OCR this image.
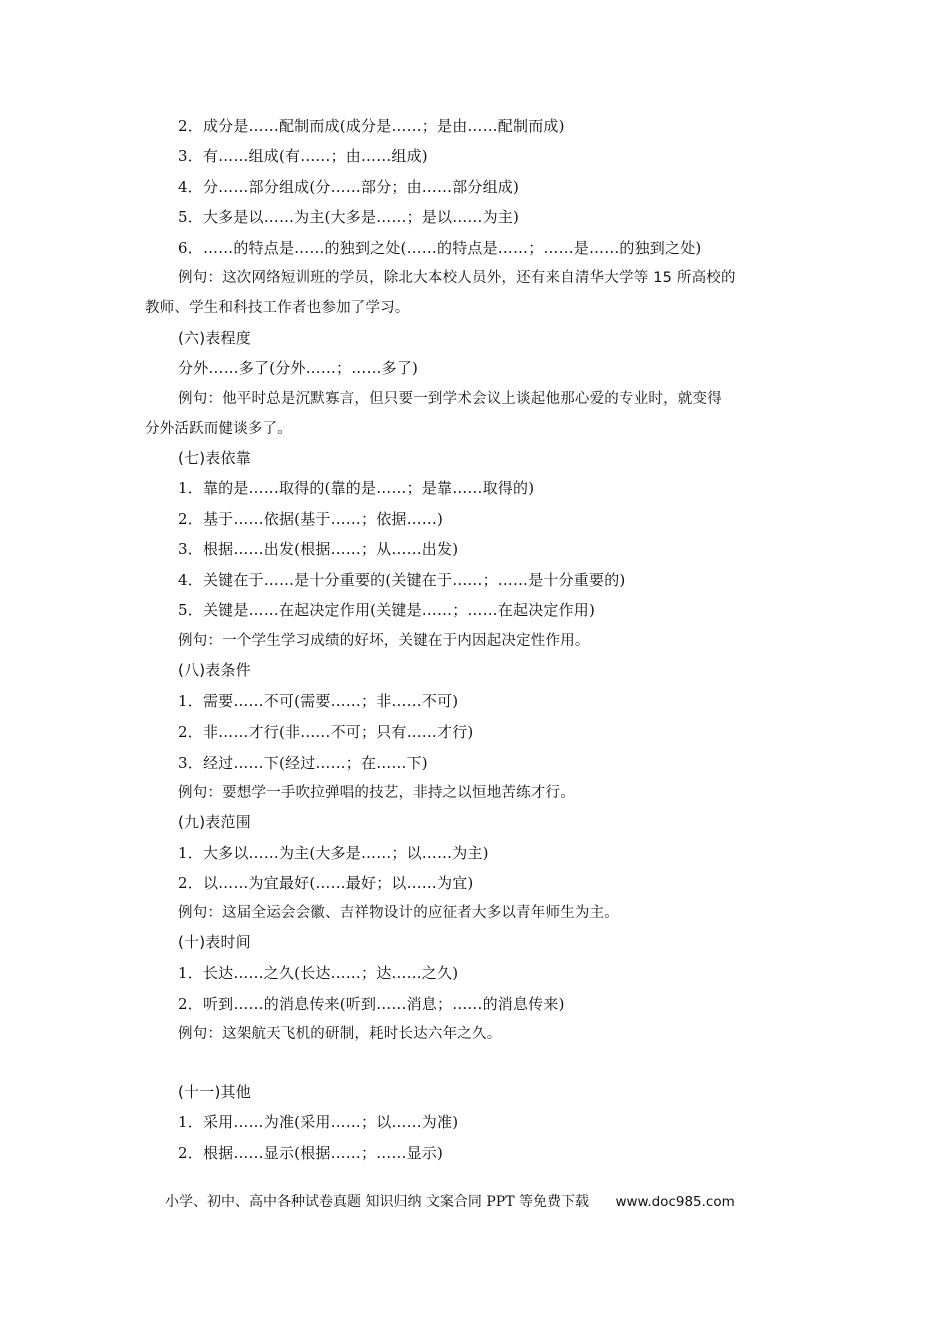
2．成分是……配制而成(成分是……；是由……配制而成)
3．有……组成(有……；由……组成)
4．分……部分组成(分……部分；由……部分组成)
5．大多是以……为主(大多是……；是以……为主)
6．……的特点是……的独到之处(……的特点是……；……是……的独到之处)
例句：这次网络短训班的学员，除北大本校人员外，还有来自清华大学等 15 所高校的
教师、学生和科技工作者也参加了学习。
(六)表程度
分外……多了(分外……；……多了)
例句：他平时总是沉默寡言，但只要一到学术会议上谈起他那心爱的专业时，就变得
分外活跃而健谈多了。
(七)表依靠
1．靠的是……取得的(靠的是……；是靠……取得的)
2．基于……依据(基于……；依据……)
3．根据……出发(根据……；从……出发)
4．关键在于……是十分重要的(关键在于……；……是十分重要的)
5．关键是……在起决定作用(关键是……；……在起决定作用)
例句：一个学生学习成绩的好坏，关键在于内因起决定性作用。
(八)表条件
1．需要……不可(需要……；非……不可)
2．非……才行(非……不可；只有……才行)
3．经过……下(经过……；在……下)
例句：要想学一手吹拉弹唱的技艺，非持之以恒地苦练才行。
(九)表范围
1．大多以……为主(大多是……；以……为主)
2．以……为宜最好(……最好；以……为宜)
例句：这届全运会会徽、吉祥物设计的应征者大多以青年师生为主。
(十)表时间
1．长达……之久(长达……；达……之久)
2．听到……的消息传来(听到……消息；……的消息传来)
例句：这架航天飞机的研制，耗时长达六年之久。
(十一)其他
1．采用……为准(采用……；以……为准)
2．根据……显示(根据……；……显示)
小学、初中、高中各种试卷真题 知识归纳 文案合同 PPT 等免费下载 www.doc985.com
